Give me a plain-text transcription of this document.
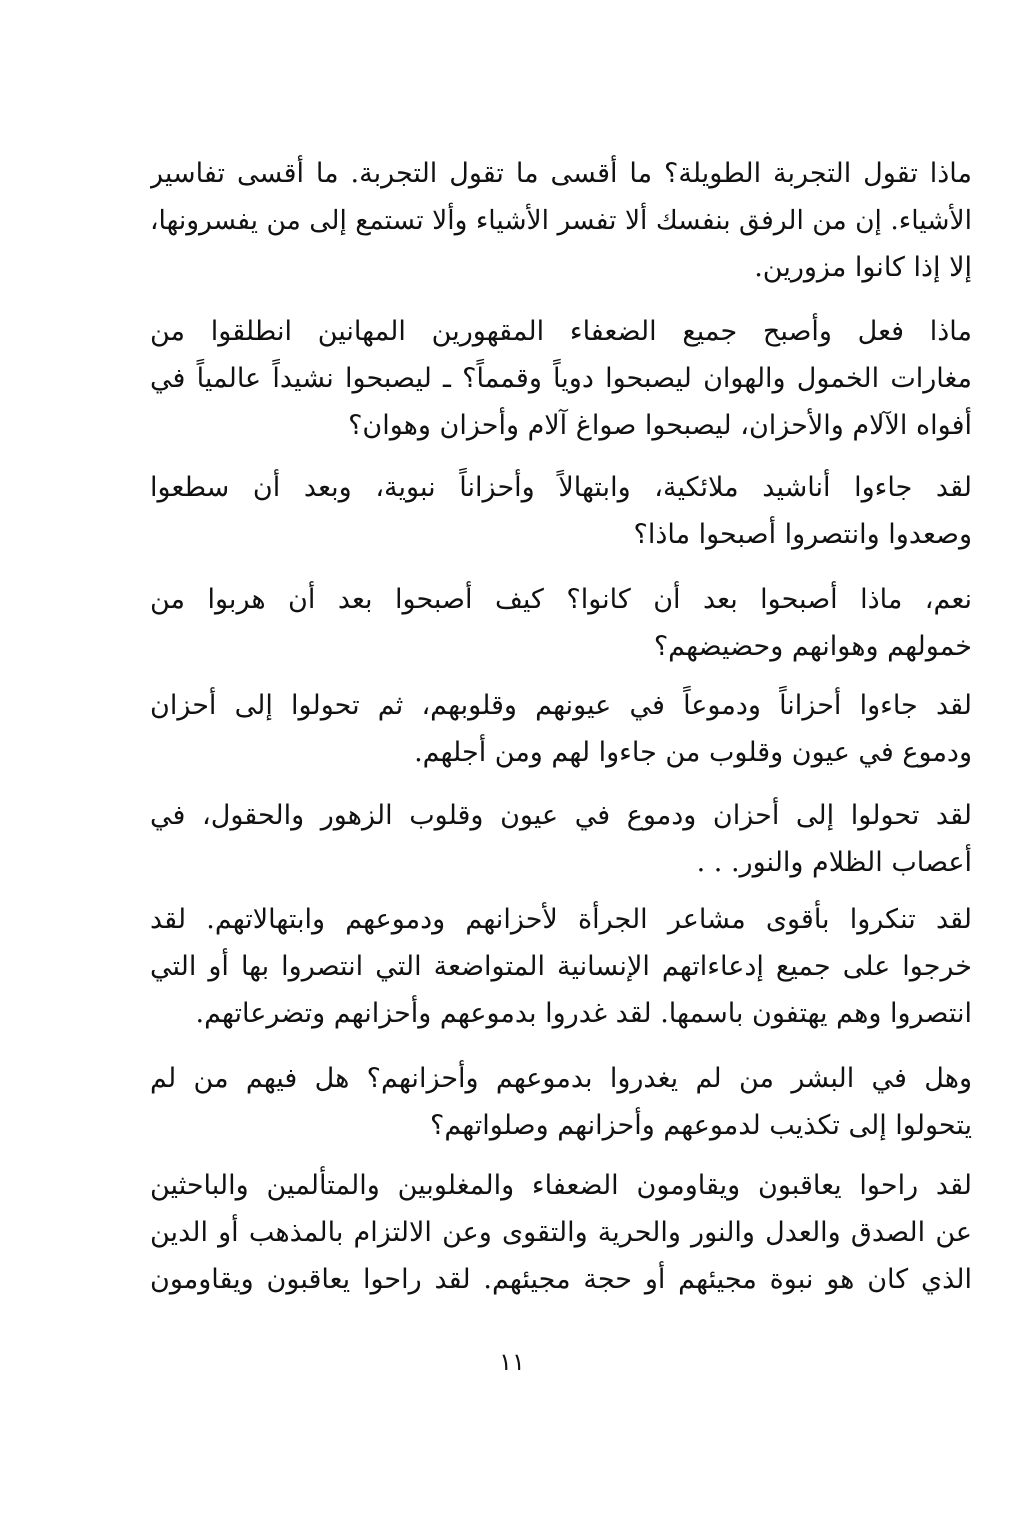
ماذا تقول التجربة الطويلة؟ ما أقسى ما تقول التجربة. ما أقسى تفاسير
الأشياء. إن من الرفق بنفسك ألا تفسر الأشياء وألا تستمع إلى من يفسرونها،
إلا إذا كانوا مزورين.
ماذا فعل وأصبح جميع الضعفاء المقهورين المهانين انطلقوا من
مغارات الخمول والهوان ليصبحوا دوياً وقمماً؟ ـ ليصبحوا نشيداً عالمياً في
أفواه الآلام والأحزان، ليصبحوا صواغ آلام وأحزان وهوان؟
لقد جاءوا أناشيد ملائكية، وابتهالاً وأحزاناً نبوية، وبعد أن سطعوا
وصعدوا وانتصروا أصبحوا ماذا؟
نعم، ماذا أصبحوا بعد أن كانوا؟ كيف أصبحوا بعد أن هربوا من
خمولهم وهوانهم وحضيضهم؟
لقد جاءوا أحزاناً ودموعاً في عيونهم وقلوبهم، ثم تحولوا إلى أحزان
ودموع في عيون وقلوب من جاءوا لهم ومن أجلهم.
لقد تحولوا إلى أحزان ودموع في عيون وقلوب الزهور والحقول، في
أعصاب الظلام والنور. . .
لقد تنكروا بأقوى مشاعر الجرأة لأحزانهم ودموعهم وابتهالاتهم. لقد
خرجوا على جميع إدعاءاتهم الإنسانية المتواضعة التي انتصروا بها أو التي
انتصروا وهم يهتفون باسمها. لقد غدروا بدموعهم وأحزانهم وتضرعاتهم.
وهل في البشر من لم يغدروا بدموعهم وأحزانهم؟ هل فيهم من لم
يتحولوا إلى تكذيب لدموعهم وأحزانهم وصلواتهم؟
لقد راحوا يعاقبون ويقاومون الضعفاء والمغلوبين والمتألمين والباحثين
عن الصدق والعدل والنور والحرية والتقوى وعن الالتزام بالمذهب أو الدين
الذي كان هو نبوة مجيئهم أو حجة مجيئهم. لقد راحوا يعاقبون ويقاومون
١١
